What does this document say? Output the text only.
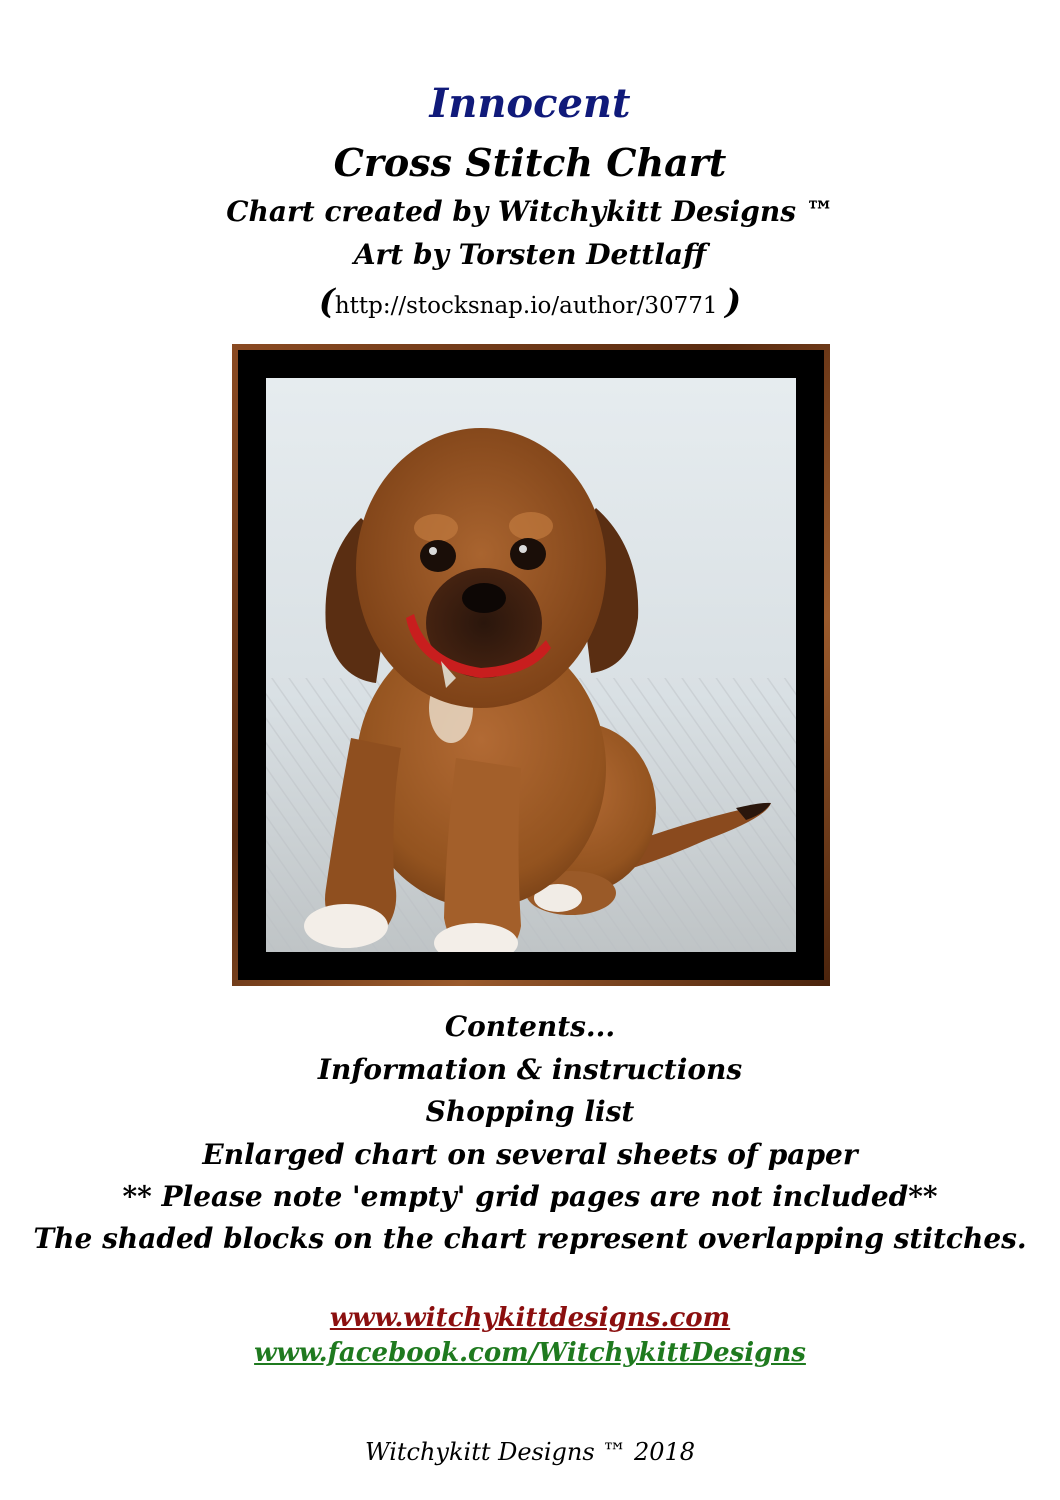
Innocent
Cross Stitch Chart
Chart created by Witchykitt Designs ™
Art by Torsten Dettlaff
(http://stocksnap.io/author/30771 )
Contents...
Information & instructions
Shopping list
Enlarged chart on several sheets of paper
** Please note 'empty' grid pages are not included**
The shaded blocks on the chart represent overlapping stitches.
www.witchykittdesigns.com
www.facebook.com/WitchykittDesigns
Witchykitt Designs ™ 2018
